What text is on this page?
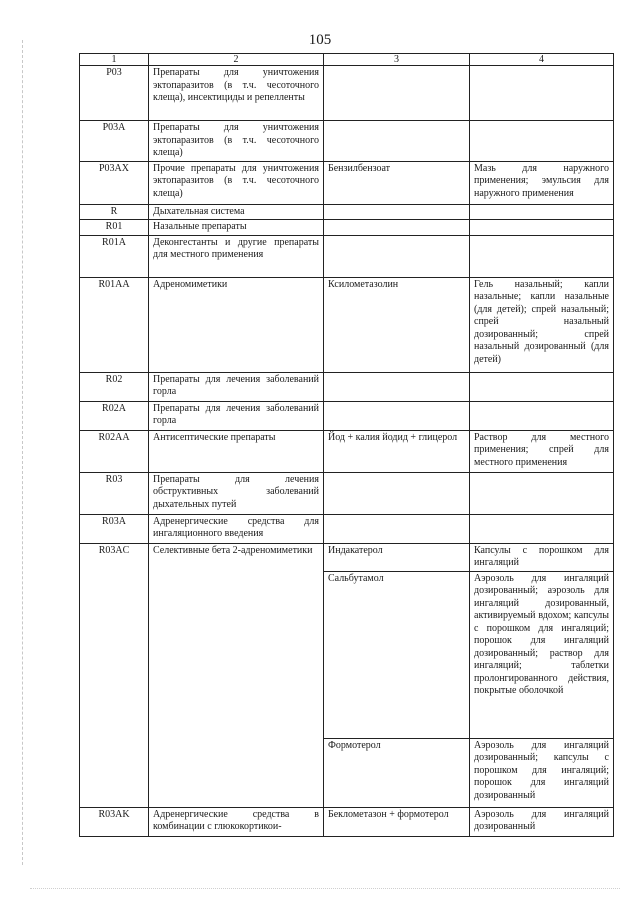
105
1	2	3	4
P03	Препараты для уничтожения эктопаразитов (в т.ч. чесоточного клеща), инсектициды и репелленты		
P03A	Препараты для уничтожения эктопаразитов (в т.ч. чесоточного клеща)		
P03AX	Прочие препараты для уничтожения эктопаразитов (в т.ч. чесоточного клеща)	Бензилбензоат	Мазь для наружного применения; эмульсия для наружного применения
R	Дыхательная система		
R01	Назальные препараты		
R01A	Деконгестанты и другие препараты для местного применения		
R01AA	Адреномиметики	Ксилометазолин	Гель назальный; капли назальные; капли назальные (для детей); спрей назальный; спрей назальный дозированный; спрей назальный дозированный (для детей)
R02	Препараты для лечения заболеваний горла		
R02A	Препараты для лечения заболеваний горла		
R02AA	Антисептические препараты	Йод + калия йодид + глицерол	Раствор для местного применения; спрей для местного применения
R03	Препараты для лечения обструктивных заболеваний дыхательных путей		
R03A	Адренергические средства для ингаляционного введения		
R03AC	Селективные бета 2-адреномиметики	Индакатерол	Капсулы с порошком для ингаляций
		Сальбутамол	Аэрозоль для ингаляций дозированный; аэрозоль для ингаляций дозированный, активируемый вдохом; капсулы с порошком для ингаляций; порошок для ингаляций дозированный; раствор для ингаляций; таблетки пролонгированного действия, покрытые оболочкой
		Формотерол	Аэрозоль для ингаляций дозированный; капсулы с порошком для ингаляций; порошок для ингаляций дозированный
R03AK	Адренергические средства в комбинации с глюкокортикои-	Беклометазон + формотерол	Аэрозоль для ингаляций дозированный
